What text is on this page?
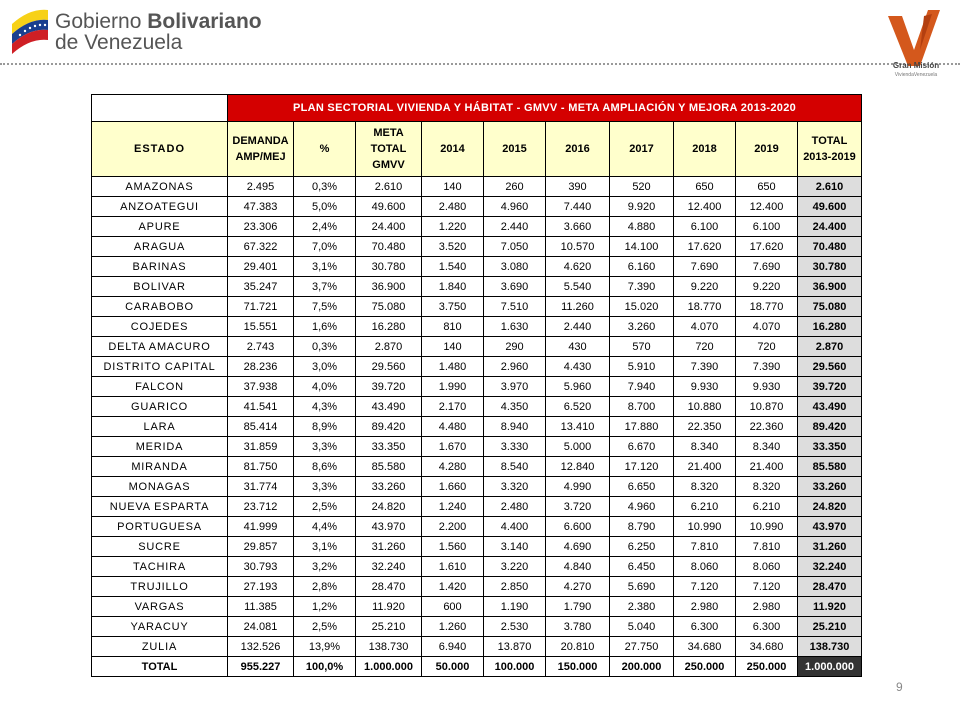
Gobierno Bolivariano
de Venezuela
Gran Misión
ViviendaVenezuela
	PLAN SECTORIAL VIVIENDA Y HÁBITAT - GMVV - META AMPLIACIÓN Y MEJORA 2013-2020									
ESTADO	DEMANDA AMP/MEJ	%	META TOTAL GMVV	2014	2015	2016	2017	2018	2019	TOTAL 2013-2019
AMAZONAS	2.495	0,3%	2.610	140	260	390	520	650	650	2.610
ANZOATEGUI	47.383	5,0%	49.600	2.480	4.960	7.440	9.920	12.400	12.400	49.600
APURE	23.306	2,4%	24.400	1.220	2.440	3.660	4.880	6.100	6.100	24.400
ARAGUA	67.322	7,0%	70.480	3.520	7.050	10.570	14.100	17.620	17.620	70.480
BARINAS	29.401	3,1%	30.780	1.540	3.080	4.620	6.160	7.690	7.690	30.780
BOLIVAR	35.247	3,7%	36.900	1.840	3.690	5.540	7.390	9.220	9.220	36.900
CARABOBO	71.721	7,5%	75.080	3.750	7.510	11.260	15.020	18.770	18.770	75.080
COJEDES	15.551	1,6%	16.280	810	1.630	2.440	3.260	4.070	4.070	16.280
DELTA AMACURO	2.743	0,3%	2.870	140	290	430	570	720	720	2.870
DISTRITO CAPITAL	28.236	3,0%	29.560	1.480	2.960	4.430	5.910	7.390	7.390	29.560
FALCON	37.938	4,0%	39.720	1.990	3.970	5.960	7.940	9.930	9.930	39.720
GUARICO	41.541	4,3%	43.490	2.170	4.350	6.520	8.700	10.880	10.870	43.490
LARA	85.414	8,9%	89.420	4.480	8.940	13.410	17.880	22.350	22.360	89.420
MERIDA	31.859	3,3%	33.350	1.670	3.330	5.000	6.670	8.340	8.340	33.350
MIRANDA	81.750	8,6%	85.580	4.280	8.540	12.840	17.120	21.400	21.400	85.580
MONAGAS	31.774	3,3%	33.260	1.660	3.320	4.990	6.650	8.320	8.320	33.260
NUEVA ESPARTA	23.712	2,5%	24.820	1.240	2.480	3.720	4.960	6.210	6.210	24.820
PORTUGUESA	41.999	4,4%	43.970	2.200	4.400	6.600	8.790	10.990	10.990	43.970
SUCRE	29.857	3,1%	31.260	1.560	3.140	4.690	6.250	7.810	7.810	31.260
TACHIRA	30.793	3,2%	32.240	1.610	3.220	4.840	6.450	8.060	8.060	32.240
TRUJILLO	27.193	2,8%	28.470	1.420	2.850	4.270	5.690	7.120	7.120	28.470
VARGAS	11.385	1,2%	11.920	600	1.190	1.790	2.380	2.980	2.980	11.920
YARACUY	24.081	2,5%	25.210	1.260	2.530	3.780	5.040	6.300	6.300	25.210
ZULIA	132.526	13,9%	138.730	6.940	13.870	20.810	27.750	34.680	34.680	138.730
TOTAL	955.227	100,0%	1.000.000	50.000	100.000	150.000	200.000	250.000	250.000	1.000.000
9
